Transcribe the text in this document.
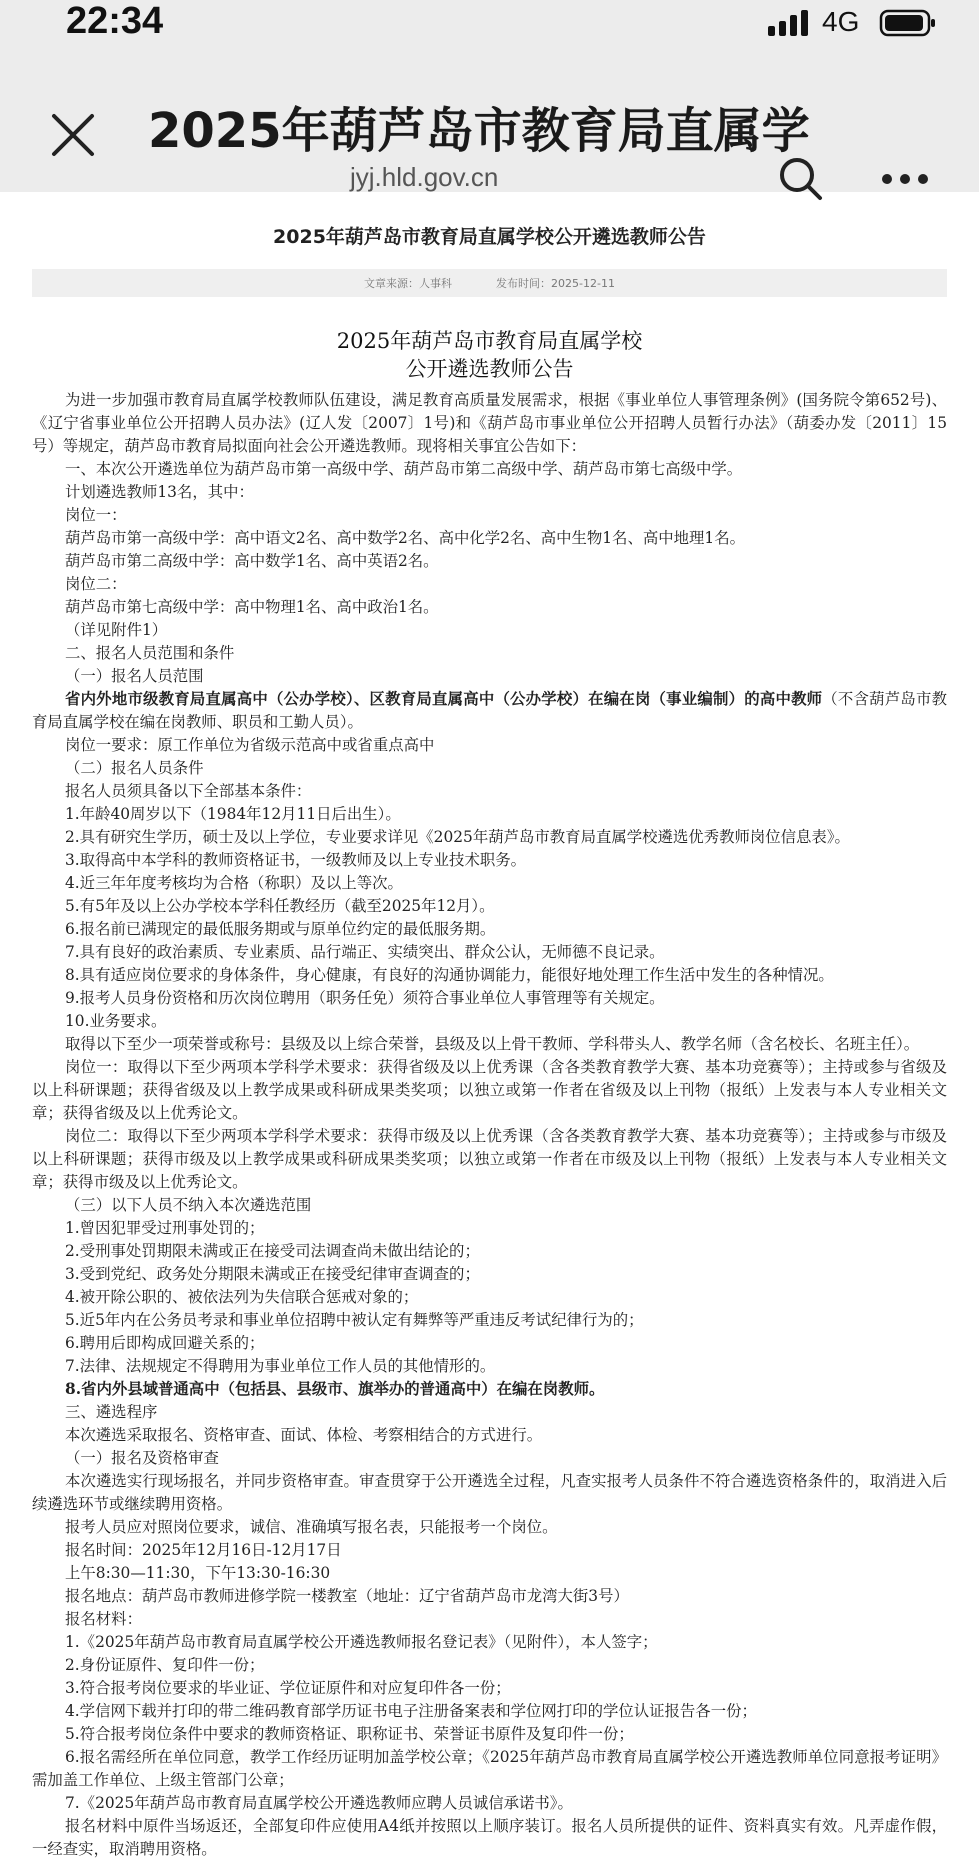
22:34	4G
2025年葫芦岛市教育局直属学
jyj.hld.gov.cn
2025年葫芦岛市教育局直属学校公开遴选教师公告
文章来源：人事科	发布时间：2025-12-11
2025年葫芦岛市教育局直属学校
公开遴选教师公告

为进一步加强市教育局直属学校教师队伍建设，满足教育高质量发展需求，根据《事业单位人事管理条例》(国务院令第652号)、《辽宁省事业单位公开招聘人员办法》(辽人发〔2007〕1号)和《葫芦岛市事业单位公开招聘人员暂行办法》（葫委办发〔2011〕15号）等规定，葫芦岛市教育局拟面向社会公开遴选教师。现将相关事宜公告如下：

一、本次公开遴选单位为葫芦岛市第一高级中学、葫芦岛市第二高级中学、葫芦岛市第七高级中学。

计划遴选教师13名，其中：

岗位一：

葫芦岛市第一高级中学：高中语文2名、高中数学2名、高中化学2名、高中生物1名、高中地理1名。

葫芦岛市第二高级中学：高中数学1名、高中英语2名。

岗位二：

葫芦岛市第七高级中学：高中物理1名、高中政治1名。

（详见附件1）

二、报名人员范围和条件

（一）报名人员范围

省内外地市级教育局直属高中（公办学校）、区教育局直属高中（公办学校）在编在岗（事业编制）的高中教师（不含葫芦岛市教育局直属学校在编在岗教师、职员和工勤人员）。

岗位一要求：原工作单位为省级示范高中或省重点高中

（二）报名人员条件

报名人员须具备以下全部基本条件：

1.年龄40周岁以下（1984年12月11日后出生）。

2.具有研究生学历，硕士及以上学位，专业要求详见《2025年葫芦岛市教育局直属学校遴选优秀教师岗位信息表》。

3.取得高中本学科的教师资格证书，一级教师及以上专业技术职务。

4.近三年年度考核均为合格（称职）及以上等次。

5.有5年及以上公办学校本学科任教经历（截至2025年12月）。

6.报名前已满现定的最低服务期或与原单位约定的最低服务期。

7.具有良好的政治素质、专业素质、品行端正、实绩突出、群众公认，无师德不良记录。

8.具有适应岗位要求的身体条件，身心健康，有良好的沟通协调能力，能很好地处理工作生活中发生的各种情况。

9.报考人员身份资格和历次岗位聘用（职务任免）须符合事业单位人事管理等有关规定。

10.业务要求。

取得以下至少一项荣誉或称号：县级及以上综合荣誉，县级及以上骨干教师、学科带头人、教学名师（含名校长、名班主任）。

岗位一：取得以下至少两项本学科学术要求：获得省级及以上优秀课（含各类教育教学大赛、基本功竞赛等）；主持或参与省级及以上科研课题；获得省级及以上教学成果或科研成果类奖项；以独立或第一作者在省级及以上刊物（报纸）上发表与本人专业相关文章；获得省级及以上优秀论文。

岗位二：取得以下至少两项本学科学术要求：获得市级及以上优秀课（含各类教育教学大赛、基本功竞赛等）；主持或参与市级及以上科研课题；获得市级及以上教学成果或科研成果类奖项；以独立或第一作者在市级及以上刊物（报纸）上发表与本人专业相关文章；获得市级及以上优秀论文。

（三）以下人员不纳入本次遴选范围

1.曾因犯罪受过刑事处罚的；

2.受刑事处罚期限未满或正在接受司法调查尚未做出结论的；

3.受到党纪、政务处分期限未满或正在接受纪律审查调查的；

4.被开除公职的、被依法列为失信联合惩戒对象的；

5.近5年内在公务员考录和事业单位招聘中被认定有舞弊等严重违反考试纪律行为的；

6.聘用后即构成回避关系的；

7.法律、法规规定不得聘用为事业单位工作人员的其他情形的。

8.省内外县域普通高中（包括县、县级市、旗举办的普通高中）在编在岗教师。

三、遴选程序

本次遴选采取报名、资格审查、面试、体检、考察相结合的方式进行。

（一）报名及资格审查

本次遴选实行现场报名，并同步资格审查。审查贯穿于公开遴选全过程，凡查实报考人员条件不符合遴选资格条件的，取消进入后续遴选环节或继续聘用资格。

报考人员应对照岗位要求，诚信、准确填写报名表，只能报考一个岗位。

报名时间：2025年12月16日-12月17日

上午8:30—11:30，下午13:30-16:30

报名地点：葫芦岛市教师进修学院一楼教室（地址：辽宁省葫芦岛市龙湾大街3号）

报名材料：

1.《2025年葫芦岛市教育局直属学校公开遴选教师报名登记表》（见附件），本人签字；

2.身份证原件、复印件一份；

3.符合报考岗位要求的毕业证、学位证原件和对应复印件各一份；

4.学信网下载并打印的带二维码教育部学历证书电子注册备案表和学位网打印的学位认证报告各一份；

5.符合报考岗位条件中要求的教师资格证、职称证书、荣誉证书原件及复印件一份；

6.报名需经所在单位同意，教学工作经历证明加盖学校公章；《2025年葫芦岛市教育局直属学校公开遴选教师单位同意报考证明》需加盖工作单位、上级主管部门公章；

7.《2025年葫芦岛市教育局直属学校公开遴选教师应聘人员诚信承诺书》。

报名材料中原件当场返还，全部复印件应使用A4纸并按照以上顺序装订。报名人员所提供的证件、资料真实有效。凡弄虚作假，一经查实，取消聘用资格。
